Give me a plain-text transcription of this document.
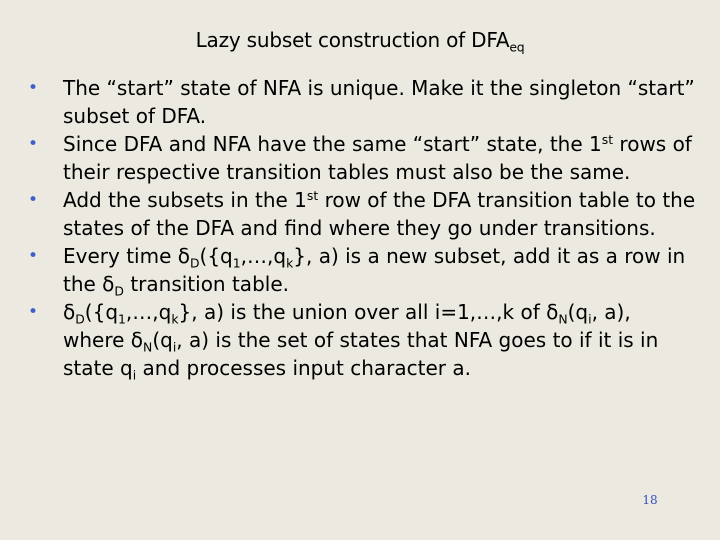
Lazy subset construction of $DFA_{eq}$
• The “start” state of NFA is unique. Make it the singleton “start” subset of DFA.
• Since DFA and NFA have the same “start” state, the 1st rows of their respective transition tables must also be the same.
• Add the subsets in the 1st row of the DFA transition table to the states of the DFA and find where they go under transitions.
• Every time $\delta_D(\{q_1,\dots,q_k\}$, a) is a new subset, add it as a row in the $\delta_D$ transition table.
• $\delta_D(\{q_1,\dots,q_k\}$, a) is the union over all i=1,…,k of $\delta_N(q_i$, a), where $\delta_N(q_i$, a) is the set of states that NFA goes to if it is in state $q_i$ and processes input character a.
18
